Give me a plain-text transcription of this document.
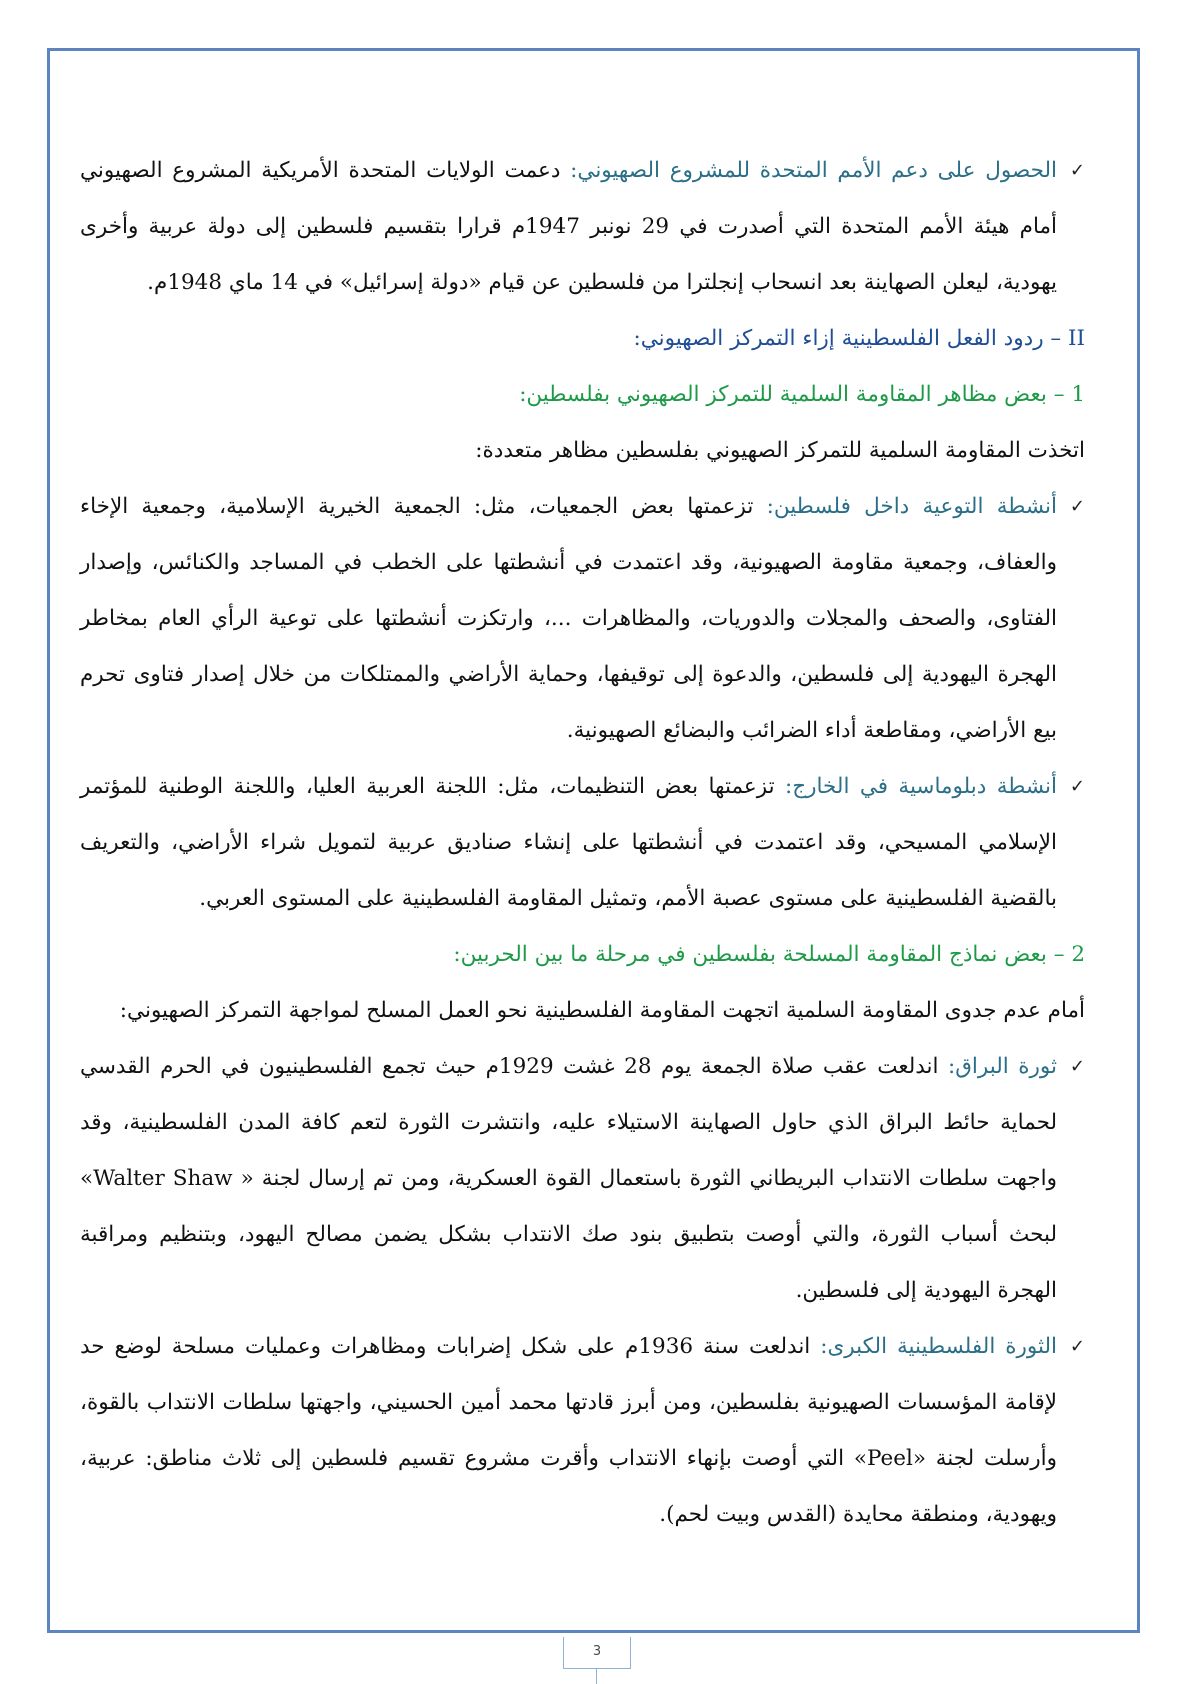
✓
الحصول على دعم الأمم المتحدة للمشروع الصهيوني: دعمت الولايات المتحدة الأمريكية المشروع الصهيوني أمام هيئة الأمم المتحدة التي أصدرت في 29 نونبر 1947م قرارا بتقسيم فلسطين إلى دولة عربية وأخرى يهودية، ليعلن الصهاينة بعد انسحاب إنجلترا من فلسطين عن قيام «دولة إسرائيل» في 14 ماي 1948م.

II – ردود الفعل الفلسطينية إزاء التمركز الصهيوني:

1 – بعض مظاهر المقاومة السلمية للتمركز الصهيوني بفلسطين:

اتخذت المقاومة السلمية للتمركز الصهيوني بفلسطين مظاهر متعددة:

✓
أنشطة التوعية داخل فلسطين: تزعمتها بعض الجمعيات، مثل: الجمعية الخيرية الإسلامية، وجمعية الإخاء والعفاف، وجمعية مقاومة الصهيونية، وقد اعتمدت في أنشطتها على الخطب في المساجد والكنائس، وإصدار الفتاوى، والصحف والمجلات والدوريات، والمظاهرات ...، وارتكزت أنشطتها على توعية الرأي العام بمخاطر الهجرة اليهودية إلى فلسطين، والدعوة إلى توقيفها، وحماية الأراضي والممتلكات من خلال إصدار فتاوى تحرم بيع الأراضي، ومقاطعة أداء الضرائب والبضائع الصهيونية.

✓
أنشطة دبلوماسية في الخارج: تزعمتها بعض التنظيمات، مثل: اللجنة العربية العليا، واللجنة الوطنية للمؤتمر الإسلامي المسيحي، وقد اعتمدت في أنشطتها على إنشاء صناديق عربية لتمويل شراء الأراضي، والتعريف بالقضية الفلسطينية على مستوى عصبة الأمم، وتمثيل المقاومة الفلسطينية على المستوى العربي.

2 – بعض نماذج المقاومة المسلحة بفلسطين في مرحلة ما بين الحربين:

أمام عدم جدوى المقاومة السلمية اتجهت المقاومة الفلسطينية نحو العمل المسلح لمواجهة التمركز الصهيوني:

✓
ثورة البراق: اندلعت عقب صلاة الجمعة يوم 28 غشت 1929م حيث تجمع الفلسطينيون في الحرم القدسي لحماية حائط البراق الذي حاول الصهاينة الاستيلاء عليه، وانتشرت الثورة لتعم كافة المدن الفلسطينية، وقد واجهت سلطات الانتداب البريطاني الثورة باستعمال القوة العسكرية، ومن تم إرسال لجنة « Walter Shaw» لبحث أسباب الثورة، والتي أوصت بتطبيق بنود صك الانتداب بشكل يضمن مصالح اليهود، وبتنظيم ومراقبة الهجرة اليهودية إلى فلسطين.

✓
الثورة الفلسطينية الكبرى: اندلعت سنة 1936م على شكل إضرابات ومظاهرات وعمليات مسلحة لوضع حد لإقامة المؤسسات الصهيونية بفلسطين، ومن أبرز قادتها محمد أمين الحسيني، واجهتها سلطات الانتداب بالقوة، وأرسلت لجنة «Peel» التي أوصت بإنهاء الانتداب وأقرت مشروع تقسيم فلسطين إلى ثلاث مناطق: عربية، ويهودية، ومنطقة محايدة (القدس وبيت لحم).

3
